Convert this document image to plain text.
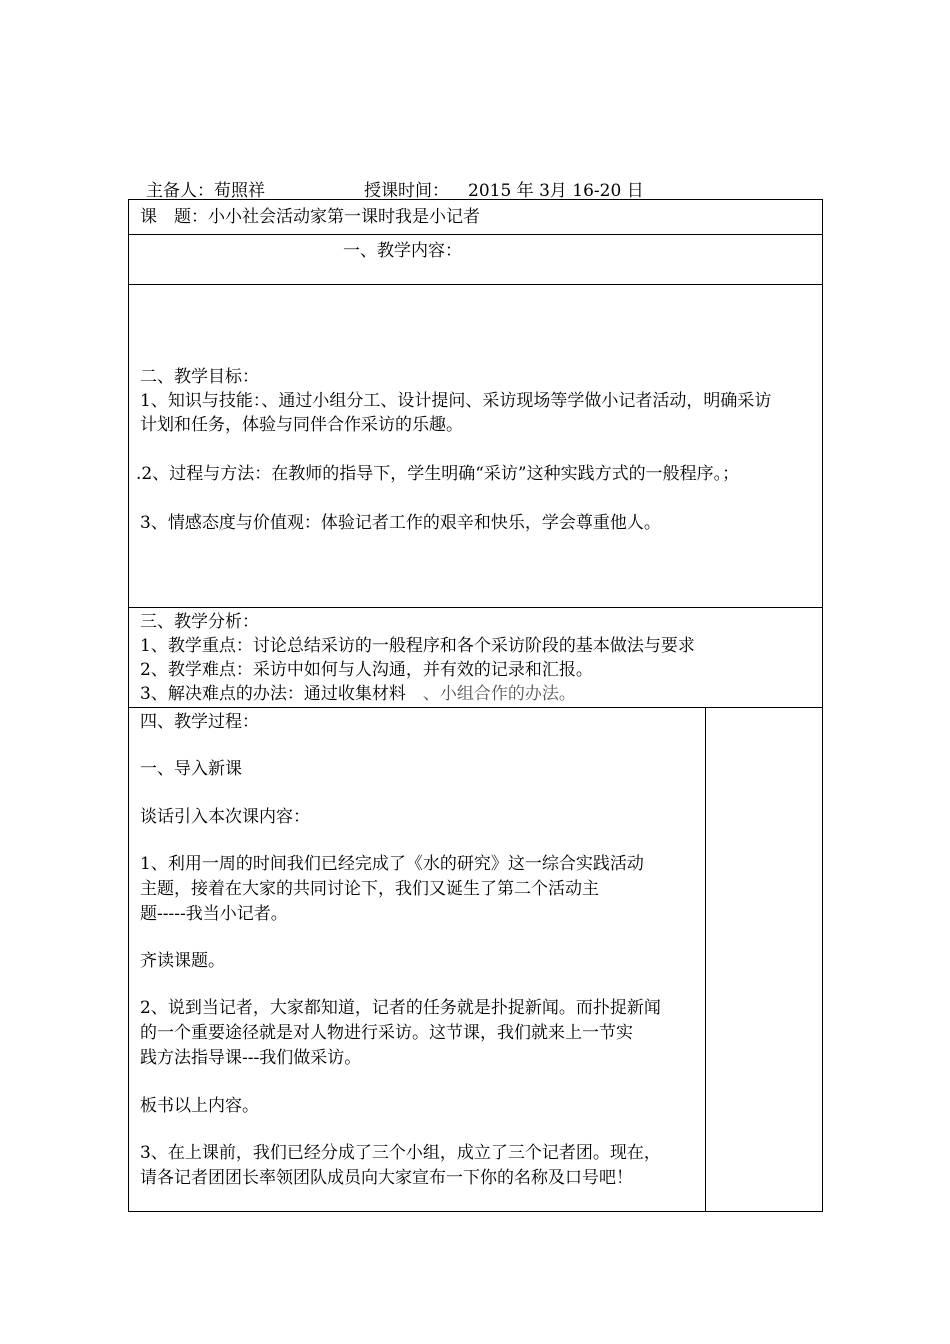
主备人：荀照祥

	授课时间：

2015 年 3月 16-20 日

课　题：小小社会活动家第一课时我是小记者
一、教学内容：
二、教学目标：
1、知识与技能：、通过小组分工、设计提问、采访现场等学做小记者活动，明确采访
计划和任务，体验与同伴合作采访的乐趣。
.2、过程与方法：在教师的指导下，学生明确“采访”这种实践方式的一般程序。；
3、情感态度与价值观：体验记者工作的艰辛和快乐，学会尊重他人。
三、教学分析：
1、教学重点：讨论总结采访的一般程序和各个采访阶段的基本做法与要求
2、教学难点：采访中如何与人沟通，并有效的记录和汇报。
3、解决难点的办法：通过收集材料　、小组合作的办法。
四、教学过程：
一、导入新课
谈话引入本次课内容：
1、利用一周的时间我们已经完成了《水的研究》这一综合实践活动
主题，接着在大家的共同讨论下，我们又诞生了第二个活动主
题-----我当小记者。
齐读课题。
2、说到当记者，大家都知道，记者的任务就是扑捉新闻。而扑捉新闻
的一个重要途径就是对人物进行采访。这节课，我们就来上一节实
践方法指导课---我们做采访。
板书以上内容。
3、在上课前，我们已经分成了三个小组，成立了三个记者团。现在，
请各记者团团长率领团队成员向大家宣布一下你的名称及口号吧！
